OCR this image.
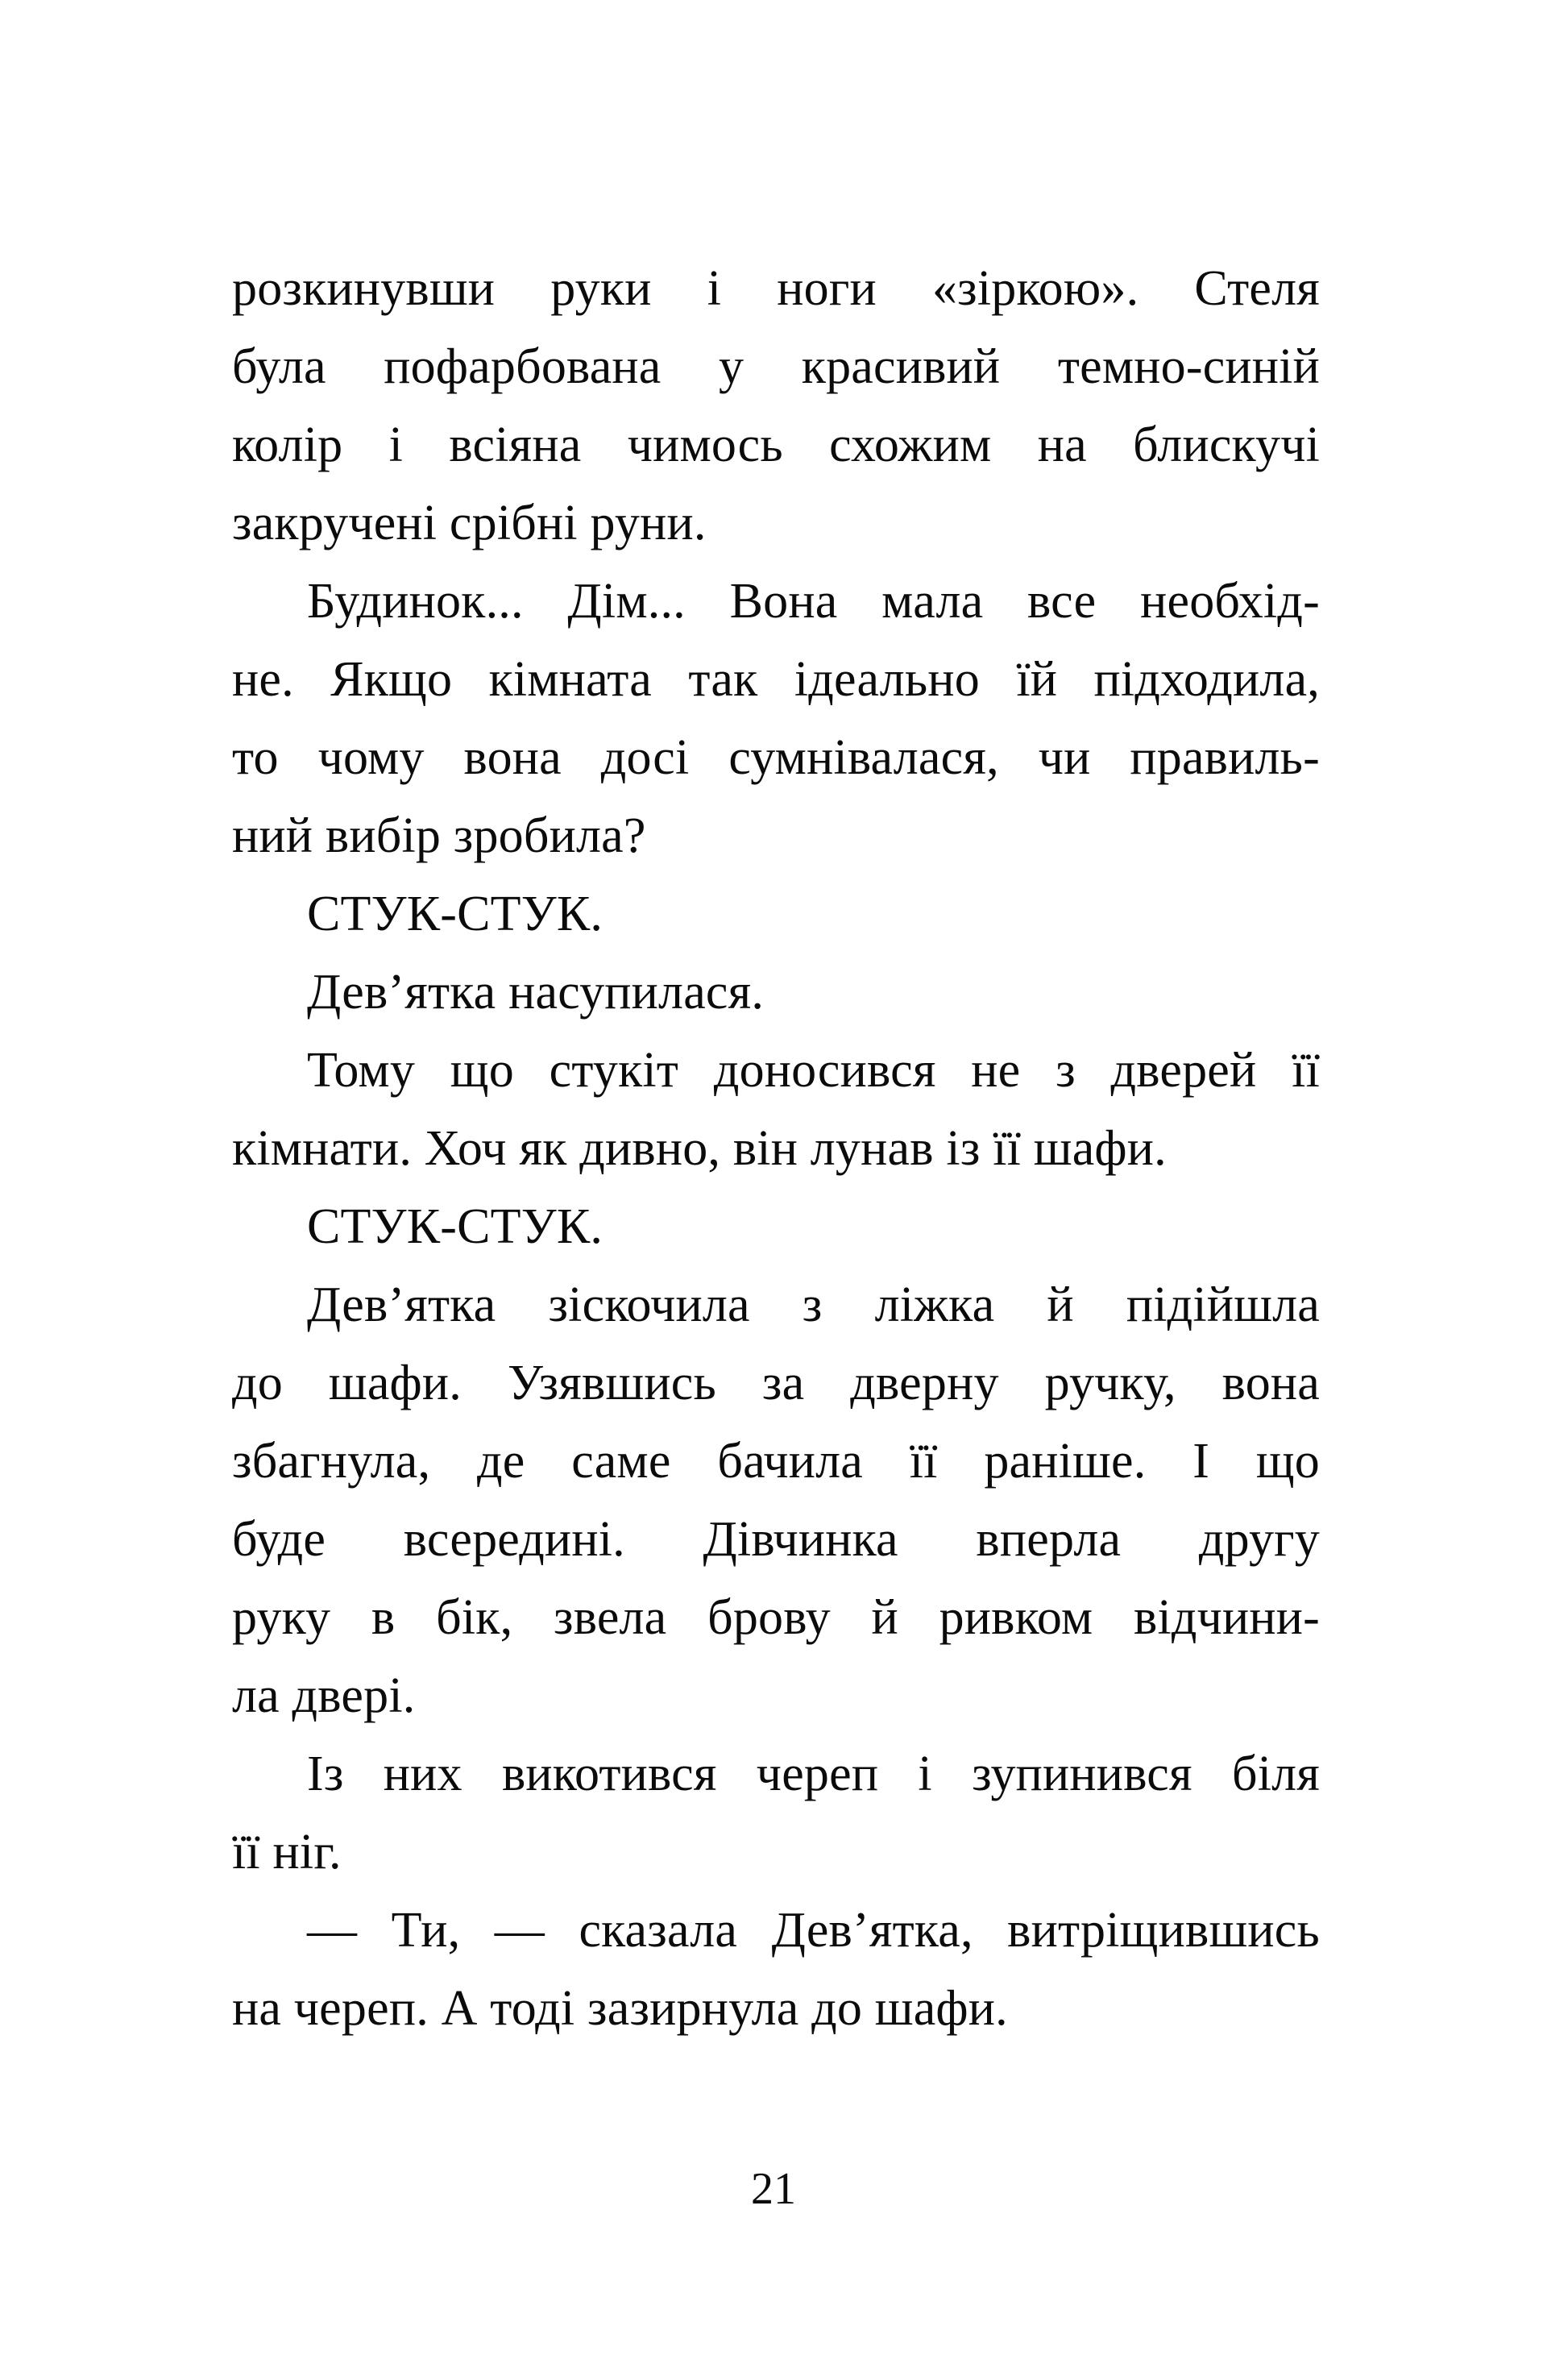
розкинувши руки і ноги «зіркою». Стеля
була пофарбована у красивий темно-синій
колір і всіяна чимось схожим на блискучі
закручені срібні руни.
Будинок... Дім... Вона мала все необхід-
не. Якщо кімната так ідеально їй підходила,
то чому вона досі сумнівалася, чи правиль-
ний вибір зробила?
СТУК-СТУК.
Дев’ятка насупилася.
Тому що стукіт доносився не з дверей її
кімнати. Хоч як дивно, він лунав із її шафи.
СТУК-СТУК.
Дев’ятка зіскочила з ліжка й підійшла
до шафи. Узявшись за дверну ручку, вона
збагнула, де саме бачила її раніше. І що
буде всередині. Дівчинка вперла другу
руку в бік, звела брову й ривком відчини-
ла двері.
Із них викотився череп і зупинився біля
її ніг.
— Ти, — сказала Дев’ятка, витріщившись
на череп. А тоді зазирнула до шафи.
21
